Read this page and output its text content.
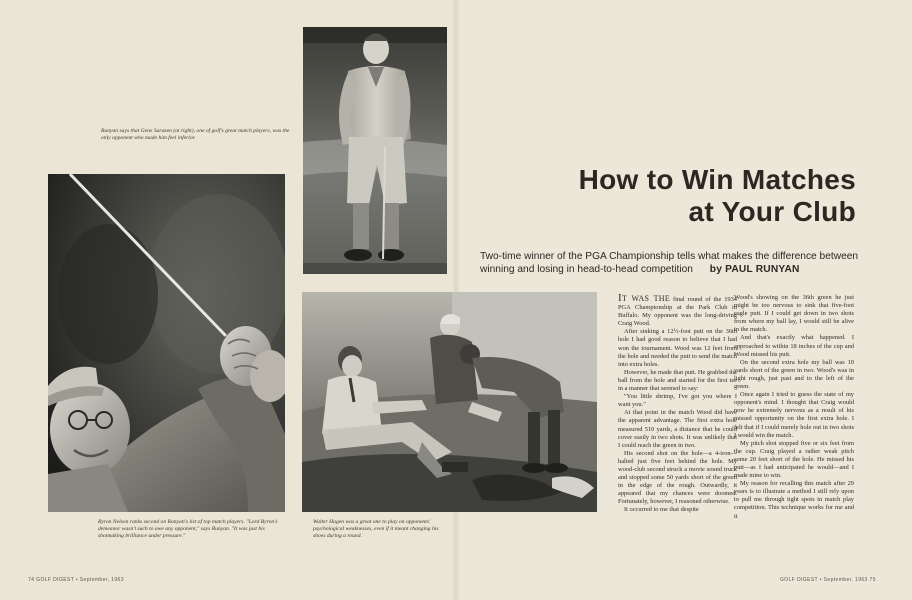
Runyan says that Gene Sarazen (at right), one of golf's great match players, was the only opponent who made him feel inferior.
Byron Nelson ranks second on Runyan's list of top match players. "Lord Byron's demeanor wasn't such to awe any opponent," says Runyan. "It was just his shotmaking brilliance under pressure."
Walter Hagen was a great one to play on opponents' psychological weaknesses, even if it meant changing his shoes during a round.
How to Win Matches
at Your Club
Two-time winner of the PGA Championship tells what makes the difference between winning and losing in head-to-head competition by PAUL RUNYAN

It was the final round of the 1934 PGA Championship at the Park Club in Buffalo. My opponent was the long-driving Craig Wood.

After sinking a 12½-foot putt on the 36th hole I had good reason to believe that I had won the tournament. Wood was 12 feet from the hole and needed the putt to send the match into extra holes.

However, he made that putt. He grabbed the ball from the hole and started for the first tee in a manner that seemed to say:

"You little shrimp, I've got you where I want you."

At that point in the match Wood did have the apparent advantage. The first extra hole measured 510 yards, a distance that he could cover easily in two shots. It was unlikely that I could reach the green in two.

His second shot on the hole—a 4-iron—halted just five feet behind the hole. My wood-club second struck a movie sound truck and stopped some 50 yards short of the green in the edge of the rough. Outwardly, it appeared that my chances were doomed. Fortunately, however, I reasoned otherwise.

It occurred to me that despite

Wood's showing on the 36th green he just might be too nervous to sink that five-foot eagle putt. If I could get down in two shots from where my ball lay, I would still be alive in the match.

And that's exactly what happened. I approached to within 18 inches of the cup and Wood missed his putt.

On the second extra hole my ball was 10 yards short of the green in two. Wood's was in light rough, just past and to the left of the green.

Once again I tried to guess the state of my opponent's mind. I thought that Craig would now be extremely nervous as a result of his missed opportunity on the first extra hole. I felt that if I could merely hole out in two shots I would win the match.

My pitch shot stopped five or six feet from the cup. Craig played a rather weak pitch some 20 feet short of the hole. He missed his putt—as I had anticipated he would—and I made mine to win.

My reason for recalling this match after 29 years is to illustrate a method I still rely upon to pull me through tight spots in match play competition. This technique works for me and it

74 GOLF DIGEST • September, 1963	GOLF DIGEST • September, 1963 75
